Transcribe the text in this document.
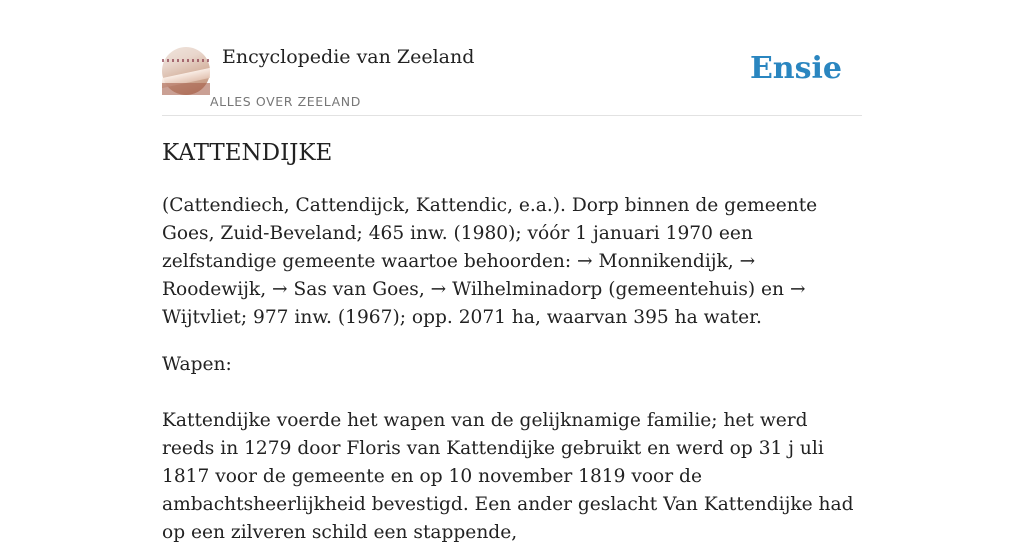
Encyclopedie van Zeeland
ALLES OVER ZEELAND
Ensie
KATTENDIJKE

(Cattendiech, Cattendijck, Kattendic, e.a.). Dorp binnen de gemeente Goes, Zuid-Beveland; 465 inw. (1980); vóór 1 januari 1970 een zelfstandige gemeente waartoe behoorden: → Monnikendijk, → Roodewijk, → Sas van Goes, → Wilhelminadorp (gemeentehuis) en → Wijtvliet; 977 inw. (1967); opp. 2071 ha, waarvan 395 ha water.

Wapen:

Kattendijke voerde het wapen van de gelijknamige familie; het werd reeds in 1279 door Floris van Kattendijke gebruikt en werd op 31 j uli 1817 voor de gemeente en op 10 november 1819 voor de ambachtsheerlijkheid bevestigd. Een ander geslacht Van Kattendijke had op een zilveren schild een stappende,
